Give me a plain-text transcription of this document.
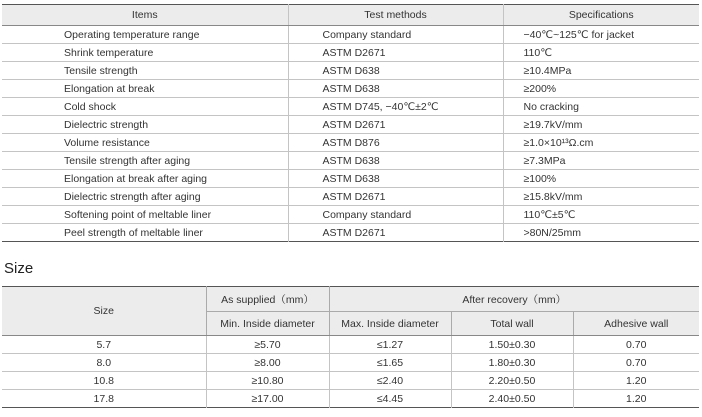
Items	Test methods	Specifications
Operating temperature range	Company standard	−40℃~125℃ for jacket
Shrink temperature	ASTM D2671	110℃
Tensile strength	ASTM D638	≥10.4MPa
Elongation at break	ASTM D638	≥200%
Cold shock	ASTM D745, −40℃±2℃	No cracking
Dielectric strength	ASTM D2671	≥19.7kV/mm
Volume resistance	ASTM D876	≥1.0×10¹³Ω.cm
Tensile strength after aging	ASTM D638	≥7.3MPa
Elongation at break after aging	ASTM D638	≥100%
Dielectric strength after aging	ASTM D2671	≥15.8kV/mm
Softening point of meltable liner	Company standard	110℃±5℃
Peel strength of meltable liner	ASTM D2671	>80N/25mm
Size
Size	As supplied（mm）	After recovery（mm）		
	Min. Inside diameter	Max. Inside diameter	Total wall	Adhesive wall
5.7	≥5.70	≤1.27	1.50±0.30	0.70
8.0	≥8.00	≤1.65	1.80±0.30	0.70
10.8	≥10.80	≤2.40	2.20±0.50	1.20
17.8	≥17.00	≤4.45	2.40±0.50	1.20
